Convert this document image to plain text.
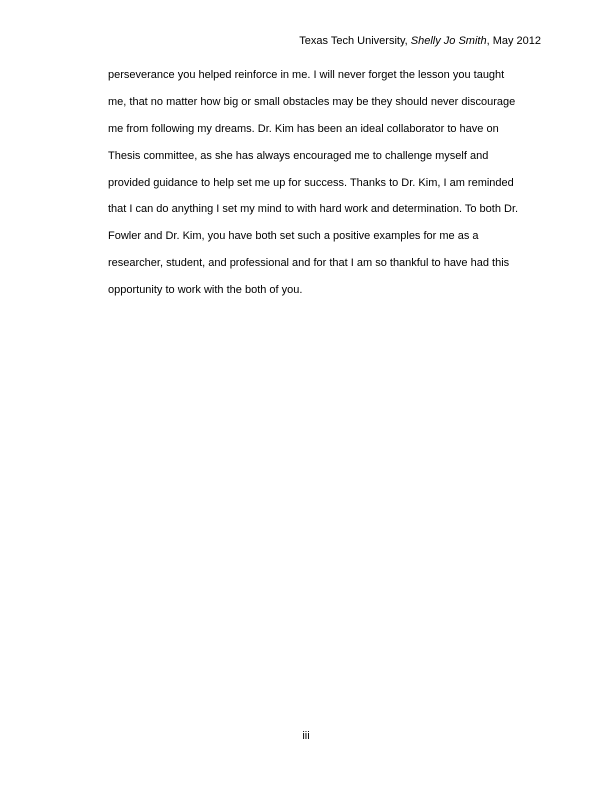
Texas Tech University, Shelly Jo Smith, May 2012
perseverance you helped reinforce in me. I will never forget the lesson you taught
me, that no matter how big or small obstacles may be they should never discourage
me from following my dreams. Dr. Kim has been an ideal collaborator to have on
Thesis committee, as she has always encouraged me to challenge myself and
provided guidance to help set me up for success. Thanks to Dr. Kim, I am reminded
that I can do anything I set my mind to with hard work and determination. To both Dr.
Fowler and Dr. Kim, you have both set such a positive examples for me as a
researcher, student, and professional and for that I am so thankful to have had this
opportunity to work with the both of you.
iii
